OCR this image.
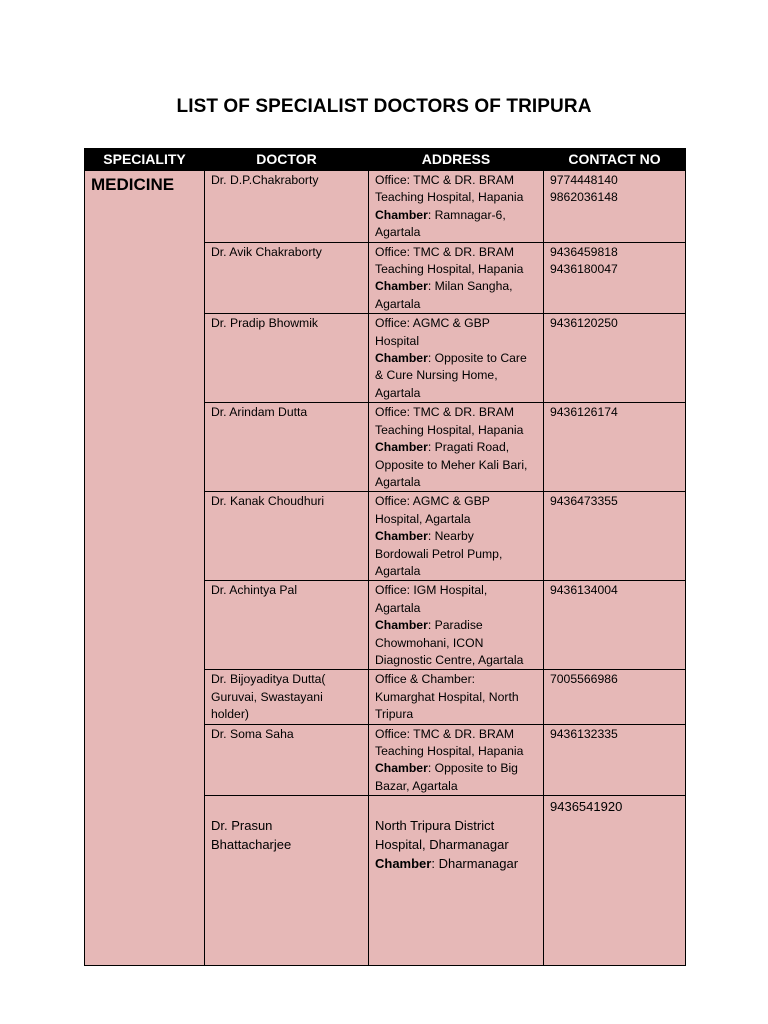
LIST OF SPECIALIST DOCTORS OF TRIPURA
SPECIALITY	DOCTOR	ADDRESS	CONTACT NO
MEDICINE	Dr. D.P.Chakraborty	Office: TMC & DR. BRAM
Teaching Hospital, Hapania
Chamber: Ramnagar-6,
Agartala	9774448140
9862036148

	Dr. Avik Chakraborty	Office: TMC & DR. BRAM
Teaching Hospital, Hapania
Chamber: Milan Sangha,
Agartala	9436459818
9436180047

	Dr. Pradip Bhowmik	Office: AGMC & GBP
Hospital
Chamber: Opposite to Care
& Cure Nursing Home,
Agartala	9436120250

	Dr. Arindam Dutta	Office: TMC & DR. BRAM
Teaching Hospital, Hapania
Chamber: Pragati Road,
Opposite to Meher Kali Bari,
Agartala	9436126174

	Dr. Kanak Choudhuri	Office: AGMC & GBP
Hospital, Agartala
Chamber: Nearby
Bordowali Petrol Pump,
Agartala	9436473355

	Dr. Achintya Pal	Office: IGM Hospital,
Agartala
Chamber: Paradise
Chowmohani, ICON
Diagnostic Centre, Agartala	9436134004

	Dr. Bijoyaditya Dutta(
Guruvai, Swastayani
holder)	Office & Chamber:
Kumarghat Hospital, North
Tripura	7005566986

	Dr. Soma Saha	Office: TMC & DR. BRAM
Teaching Hospital, Hapania
Chamber: Opposite to Big
Bazar, Agartala	9436132335

	Dr. Prasun
Bhattacharjee	North Tripura District
Hospital, Dharmanagar
Chamber: Dharmanagar	9436541920
